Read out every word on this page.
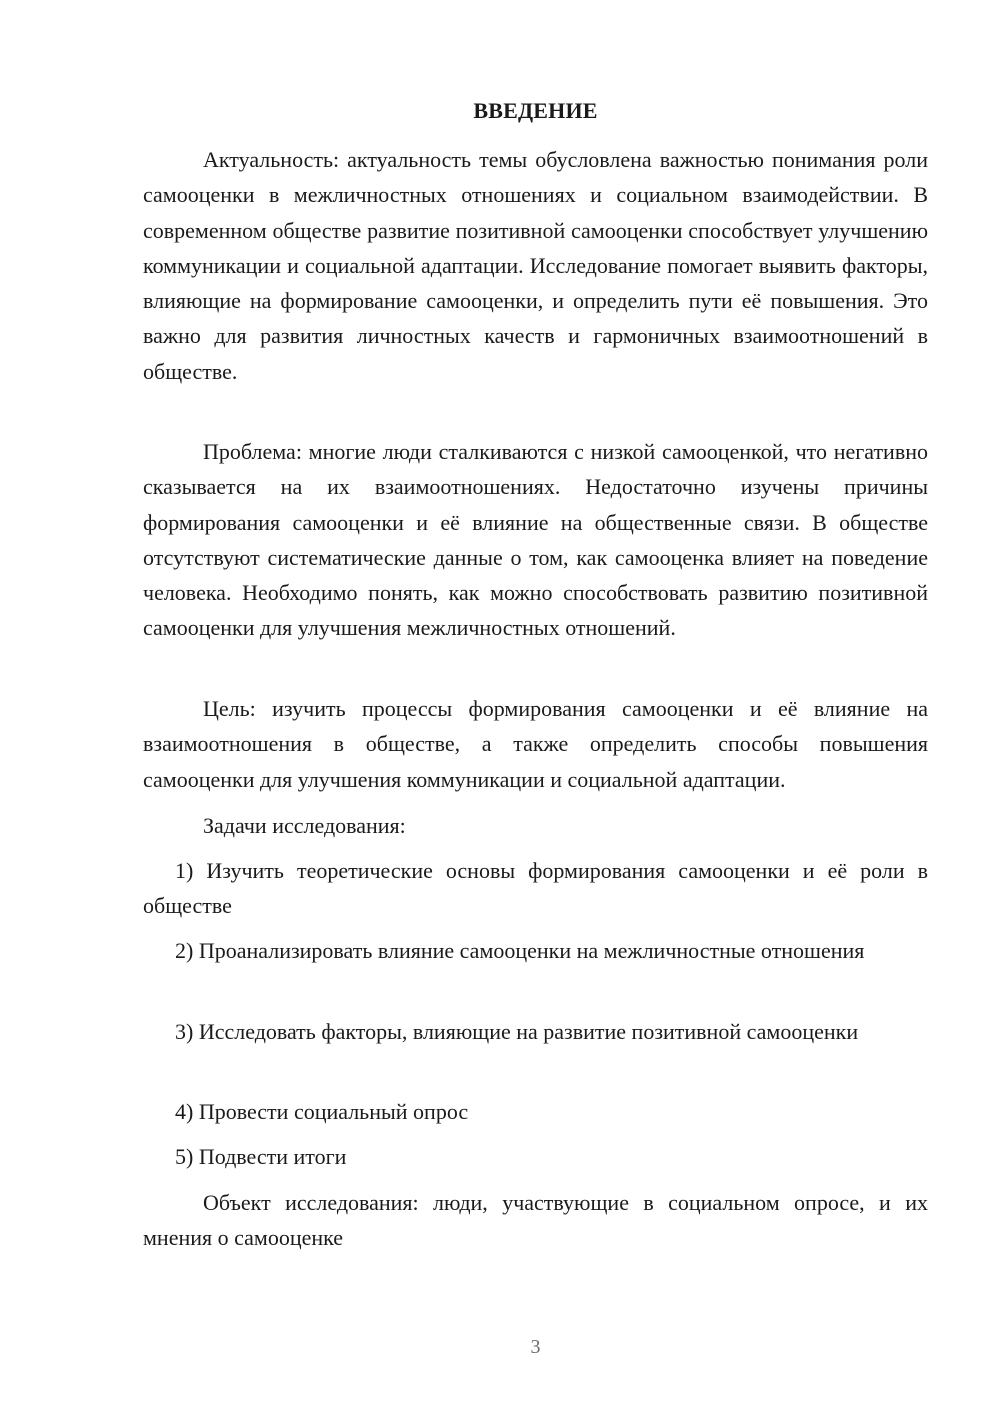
ВВЕДЕНИЕ

Актуальность: актуальность темы обусловлена важностью понимания роли самооценки в межличностных отношениях и социальном взаимодействии. В современном обществе развитие позитивной самооценки способствует улучшению коммуникации и социальной адаптации. Исследование помогает выявить факторы, влияющие на формирование самооценки, и определить пути её повышения. Это важно для развития личностных качеств и гармоничных взаимоотношений в обществе.

Проблема: многие люди сталкиваются с низкой самооценкой, что негативно сказывается на их взаимоотношениях. Недостаточно изучены причины формирования самооценки и её влияние на общественные связи. В обществе отсутствуют систематические данные о том, как самооценка влияет на поведение человека. Необходимо понять, как можно способствовать развитию позитивной самооценки для улучшения межличностных отношений.

Цель: изучить процессы формирования самооценки и её влияние на взаимоотношения в обществе, а также определить способы повышения самооценки для улучшения коммуникации и социальной адаптации.

Задачи исследования:

1) Изучить теоретические основы формирования самооценки и её роли в обществе

2) Проанализировать влияние самооценки на межличностные отношения

3) Исследовать факторы, влияющие на развитие позитивной самооценки

4) Провести социальный опрос

5) Подвести итоги

Объект исследования: люди, участвующие в социальном опросе, и их мнения о самооценке

3
